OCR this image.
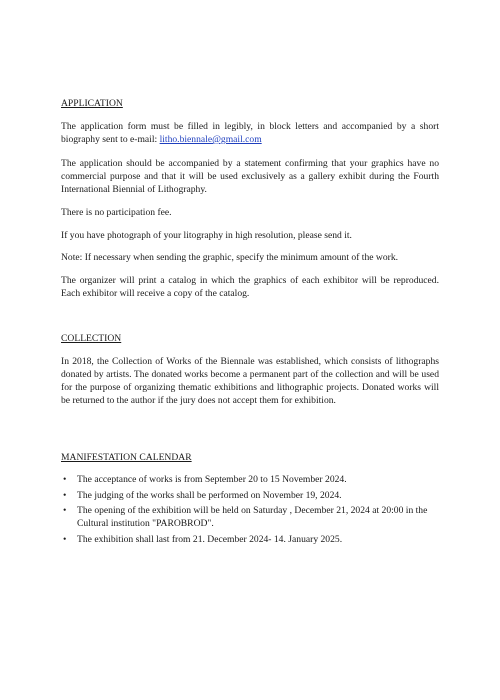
APPLICATION

The application form must be filled in legibly, in block letters and accompanied by a short biography sent to e-mail: litho.biennale@gmail.com

The application should be accompanied by a statement confirming that your graphics have no commercial purpose and that it will be used exclusively as a gallery exhibit during the Fourth International Biennial of Lithography.

There is no participation fee.

If you have photograph of your litography in high resolution, please send it.

Note: If necessary when sending the graphic, specify the minimum amount of the work.

The organizer will print a catalog in which the graphics of each exhibitor will be reproduced. Each exhibitor will receive a copy of the catalog.

COLLECTION

In 2018, the Collection of Works of the Biennale was established, which consists of lithographs donated by artists. The donated works become a permanent part of the collection and will be used for the purpose of organizing thematic exhibitions and lithographic projects. Donated works will be returned to the author if the jury does not accept them for exhibition.

MANIFESTATION CALENDAR
• The acceptance of works is from September 20 to 15 November 2024.
• The judging of the works shall be performed on November 19, 2024.
• The opening of the exhibition will be held on Saturday , December 21, 2024 at 20:00 in the Cultural institution "PAROBROD".
• The exhibition shall last from 21. December 2024- 14. January 2025.
